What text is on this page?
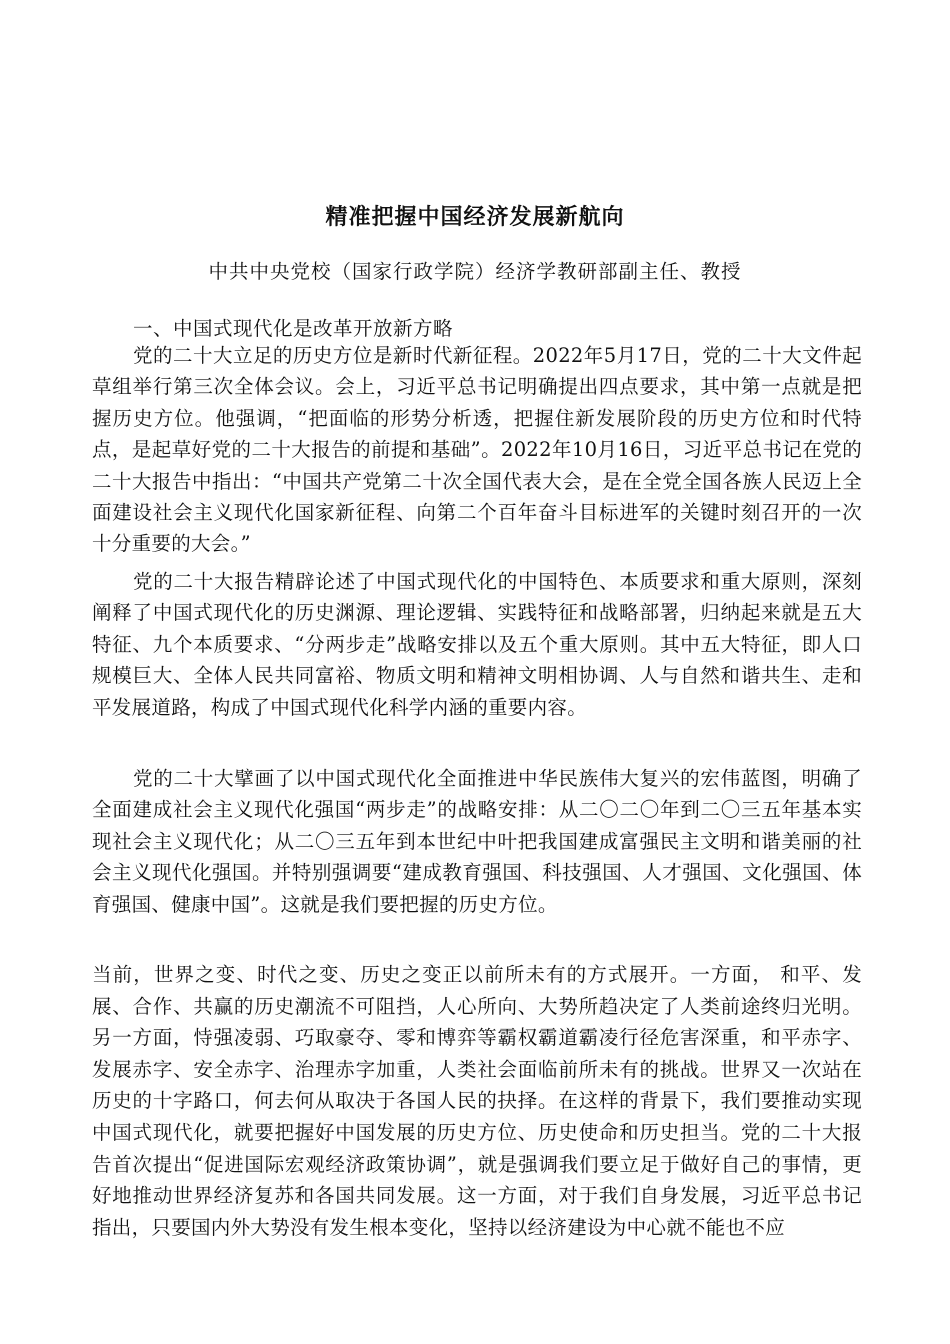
精准把握中国经济发展新航向
中共中央党校（国家行政学院）经济学教研部副主任、教授
一、中国式现代化是改革开放新方略
党的二十大立足的历史方位是新时代新征程。2022年5月17日，党的二十大文件起草组举行第三次全体会议。会上，习近平总书记明确提出四点要求，其中第一点就是把握历史方位。他强调，“把面临的形势分析透，把握住新发展阶段的历史方位和时代特点，是起草好党的二十大报告的前提和基础”。2022年10月16日，习近平总书记在党的二十大报告中指出：“中国共产党第二十次全国代表大会，是在全党全国各族人民迈上全面建设社会主义现代化国家新征程、向第二个百年奋斗目标进军的关键时刻召开的一次十分重要的大会。”
党的二十大报告精辟论述了中国式现代化的中国特色、本质要求和重大原则，深刻阐释了中国式现代化的历史渊源、理论逻辑、实践特征和战略部署，归纳起来就是五大特征、九个本质要求、“分两步走”战略安排以及五个重大原则。其中五大特征，即人口规模巨大、全体人民共同富裕、物质文明和精神文明相协调、人与自然和谐共生、走和平发展道路，构成了中国式现代化科学内涵的重要内容。
党的二十大擘画了以中国式现代化全面推进中华民族伟大复兴的宏伟蓝图，明确了全面建成社会主义现代化强国“两步走”的战略安排：从二〇二〇年到二〇三五年基本实现社会主义现代化；从二〇三五年到本世纪中叶把我国建成富强民主文明和谐美丽的社会主义现代化强国。并特别强调要“建成教育强国、科技强国、人才强国、文化强国、体育强国、健康中国”。这就是我们要把握的历史方位。
当前，世界之变、时代之变、历史之变正以前所未有的方式展开。一方面， 和平、发展、合作、共赢的历史潮流不可阻挡，人心所向、大势所趋决定了人类前途终归光明。另一方面，恃强凌弱、巧取豪夺、零和博弈等霸权霸道霸凌行径危害深重，和平赤字、发展赤字、安全赤字、治理赤字加重，人类社会面临前所未有的挑战。世界又一次站在历史的十字路口，何去何从取决于各国人民的抉择。在这样的背景下，我们要推动实现中国式现代化，就要把握好中国发展的历史方位、历史使命和历史担当。党的二十大报告首次提出“促进国际宏观经济政策协调”，就是强调我们要立足于做好自己的事情，更好地推动世界经济复苏和各国共同发展。这一方面，对于我们自身发展，习近平总书记指出，只要国内外大势没有发生根本变化，坚持以经济建设为中心就不能也不应
